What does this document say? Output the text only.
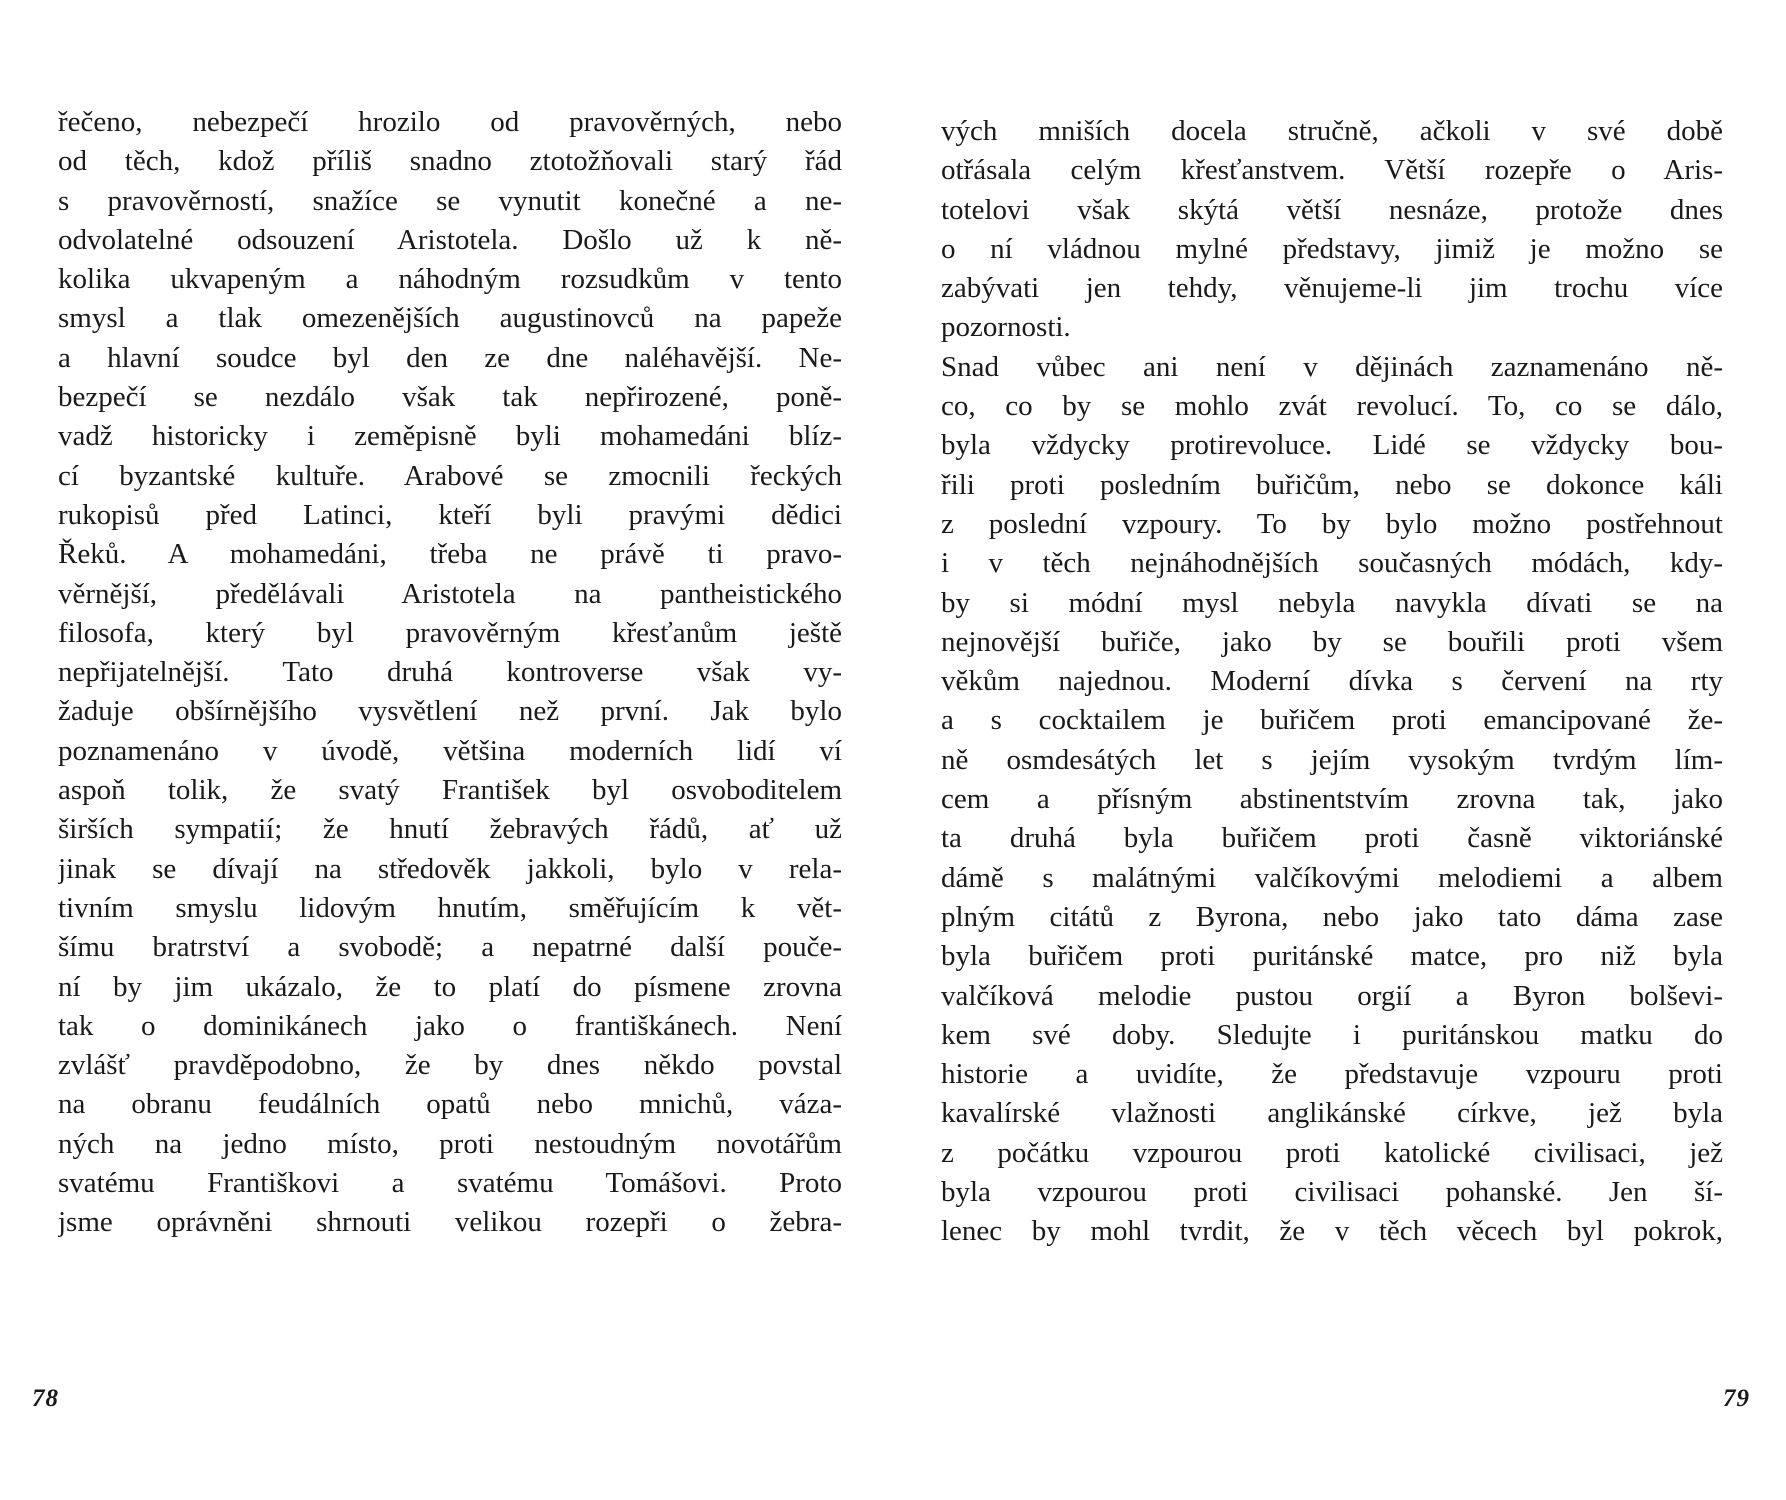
řečeno, nebezpečí hrozilo od pravověrných, nebo
od těch, kdož příliš snadno ztotožňovali starý řád
s pravověrností, snažíce se vynutit konečné a ne-
odvolatelné odsouzení Aristotela. Došlo už k ně-
kolika ukvapeným a náhodným rozsudkům v tento
smysl a tlak omezenějších augustinovců na papeže
a hlavní soudce byl den ze dne naléhavější. Ne-
bezpečí se nezdálo však tak nepřirozené, poně-
vadž historicky i zeměpisně byli mohamedáni blíz-
cí byzantské kultuře. Arabové se zmocnili řeckých
rukopisů před Latinci, kteří byli pravými dědici
Řeků. A mohamedáni, třeba ne právě ti pravo-
věrnější, předělávali Aristotela na pantheistického
filosofa, který byl pravověrným křesťanům ještě
nepřijatelnější. Tato druhá kontroverse však vy-
žaduje obšírnějšího vysvětlení než první. Jak bylo
poznamenáno v úvodě, většina moderních lidí ví
aspoň tolik, že svatý František byl osvoboditelem
širších sympatií; že hnutí žebravých řádů, ať už
jinak se dívají na středověk jakkoli, bylo v rela-
tivním smyslu lidovým hnutím, směřujícím k vět-
šímu bratrství a svobodě; a nepatrné další pouče-
ní by jim ukázalo, že to platí do písmene zrovna
tak o dominikánech jako o františkánech. Není
zvlášť pravděpodobno, že by dnes někdo povstal
na obranu feudálních opatů nebo mnichů, váza-
ných na jedno místo, proti nestoudným novotářům
svatému Františkovi a svatému Tomášovi. Proto
jsme oprávněni shrnouti velikou rozepři o žebra-
78
vých mniších docela stručně, ačkoli v své době
otřásala celým křesťanstvem. Větší rozepře o Aris-
totelovi však skýtá větší nesnáze, protože dnes
o ní vládnou mylné představy, jimiž je možno se
zabývati jen tehdy, věnujeme-li jim trochu více
pozornosti.
Snad vůbec ani není v dějinách zaznamenáno ně-
co, co by se mohlo zvát revolucí. To, co se dálo,
byla vždycky protirevoluce. Lidé se vždycky bou-
řili proti posledním buřičům, nebo se dokonce káli
z poslední vzpoury. To by bylo možno postřehnout
i v těch nejnáhodnějších současných módách, kdy-
by si módní mysl nebyla navykla dívati se na
nejnovější buřiče, jako by se bouřili proti všem
věkům najednou. Moderní dívka s červení na rty
a s cocktailem je buřičem proti emancipované že-
ně osmdesátých let s jejím vysokým tvrdým lím-
cem a přísným abstinentstvím zrovna tak, jako
ta druhá byla buřičem proti časně viktoriánské
dámě s malátnými valčíkovými melodiemi a albem
plným citátů z Byrona, nebo jako tato dáma zase
byla buřičem proti puritánské matce, pro niž byla
valčíková melodie pustou orgií a Byron bolševi-
kem své doby. Sledujte i puritánskou matku do
historie a uvidíte, že představuje vzpouru proti
kavalírské vlažnosti anglikánské církve, jež byla
z počátku vzpourou proti katolické civilisaci, jež
byla vzpourou proti civilisaci pohanské. Jen ší-
lenec by mohl tvrdit, že v těch věcech byl pokrok,
79
